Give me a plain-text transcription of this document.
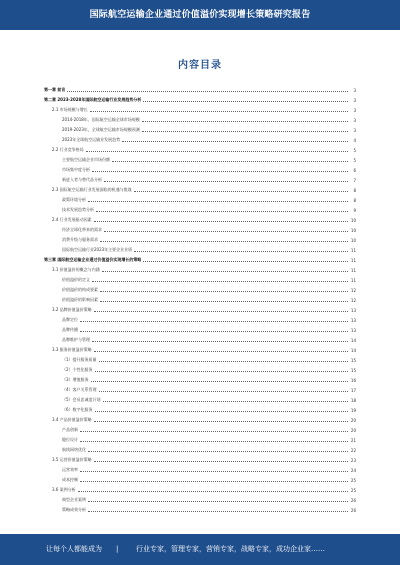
国际航空运输企业通过价值溢价实现增长策略研究报告
内容目录
第一章 前言	3
第二章 2023-2028年国际航空运输行业发展趋势分析	3
2.1 市场规模与增长	3
2014-2018年，国际航空运输全球市场规模	3
2019-2023年，全球航空运输市场规模预测	3
2023年全球航空运输业发展趋势	4
2.2 行业竞争格局	5
主要航空运输企业市场份额	5
市场集中度分析	6
新进入者与替代品分析	7
2.3 国际航空运输行业发展面临的机遇与挑战	8
政策环境分析	8
技术发展趋势分析	9
2.4 行业发展驱动因素	10
经济全球化带来的需求	10
消费升级与服务需求	10
国际航空运输行业2023年主要企业业绩	11
第三章 国际航空运输企业通过价值溢价实现增长的策略	11
3.1 价值溢价的概念与内涵	11
价值溢价的定义	11
价值溢价的构成要素	12
价值溢价的影响因素	12
3.2 品牌价值溢价策略	13
品牌定位	13
品牌传播	13
品牌维护与管理	14
3.3 服务价值溢价策略	14
（1）提升服务质量	15
（2）个性化服务	15
（3）增值服务	16
（4）客户关系管理	17
（5）会员忠诚度计划	18
（6）数字化服务	19
3.4 产品价值溢价策略	20
产品创新	20
舱位设计	21
航线网络优化	22
3.5 运营价值溢价策略	23
运营效率	24
成本控制	25
3.6 案例分析	25
典型企业案例	26
策略成效分析	26
让每个人都能成为 |	行业专家，管理专家，营销专家，战略专家，成功企业家……
